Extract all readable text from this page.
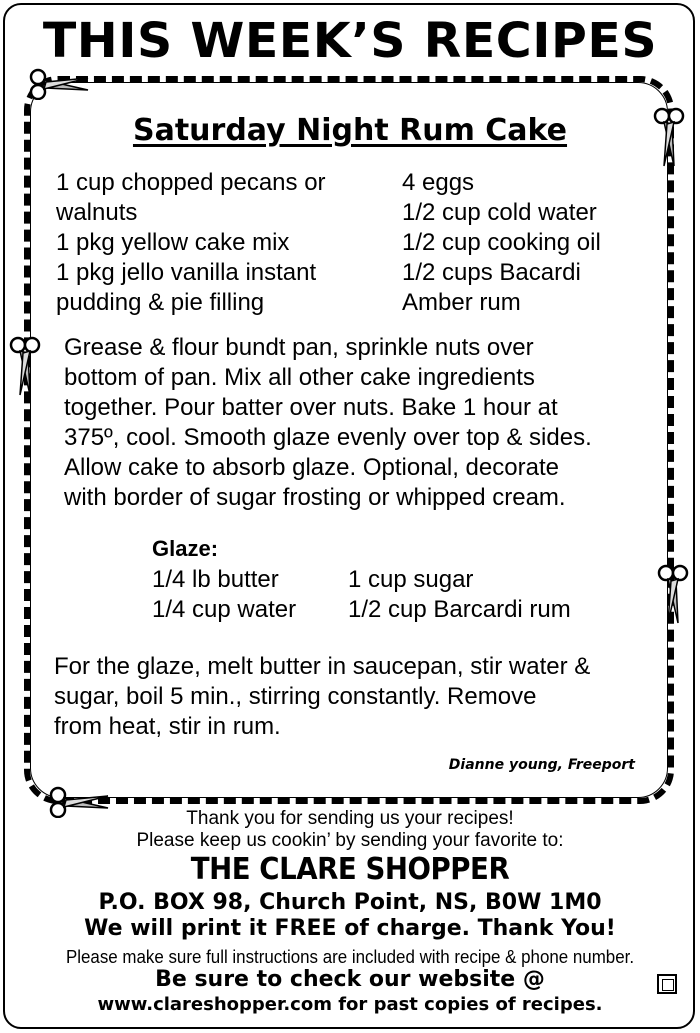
THIS WEEK’S RECIPES
Saturday Night Rum Cake
1 cup chopped pecans or
walnuts
1 pkg yellow cake mix
1 pkg jello vanilla instant
pudding & pie filling
4 eggs
1/2 cup cold water
1/2 cup cooking oil
1/2 cups Bacardi
Amber rum
Grease & flour bundt pan, sprinkle nuts over
bottom of pan. Mix all other cake ingredients
together. Pour batter over nuts. Bake 1 hour at
375º, cool. Smooth glaze evenly over top & sides.
Allow cake to absorb glaze. Optional, decorate
with border of sugar frosting or whipped cream.
Glaze:
1/4 lb butter
1/4 cup water
1 cup sugar
1/2 cup Barcardi rum
For the glaze, melt butter in saucepan, stir water &
sugar, boil 5 min., stirring constantly. Remove
from heat, stir in rum.
Dianne young, Freeport
Thank you for sending us your recipes!
Please keep us cookin’ by sending your favorite to:
THE CLARE SHOPPER
P.O. BOX 98, Church Point, NS, B0W 1M0
We will print it FREE of charge. Thank You!
Please make sure full instructions are included with recipe & phone number.
Be sure to check our website @
www.clareshopper.com for past copies of recipes.
